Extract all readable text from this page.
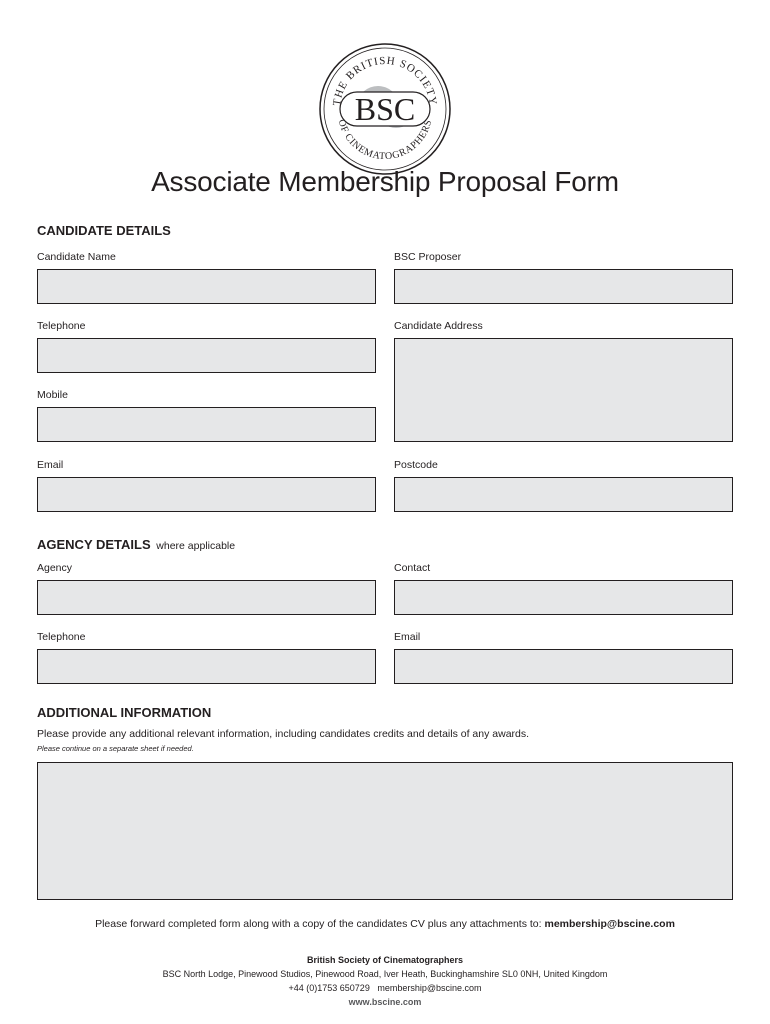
THE BRITISH SOCIETY
OF CINEMATOGRAPHERS
BSC
Associate Membership Proposal Form
CANDIDATE DETAILS
Candidate Name	BSC Proposer
Telephone	Candidate Address
Mobile
Email	Postcode
AGENCY DETAILS where applicable
Agency	Contact
Telephone	Email
ADDITIONAL INFORMATION
Please provide any additional relevant information, including candidates credits and details of any awards.
Please continue on a separate sheet if needed.
Please forward completed form along with a copy of the candidates CV plus any attachments to: membership@bscine.com
British Society of Cinematographers
BSC North Lodge, Pinewood Studios, Pinewood Road, Iver Heath, Buckinghamshire SL0 0NH, United Kingdom
+44 (0)1753 650729   membership@bscine.com
www.bscine.com
